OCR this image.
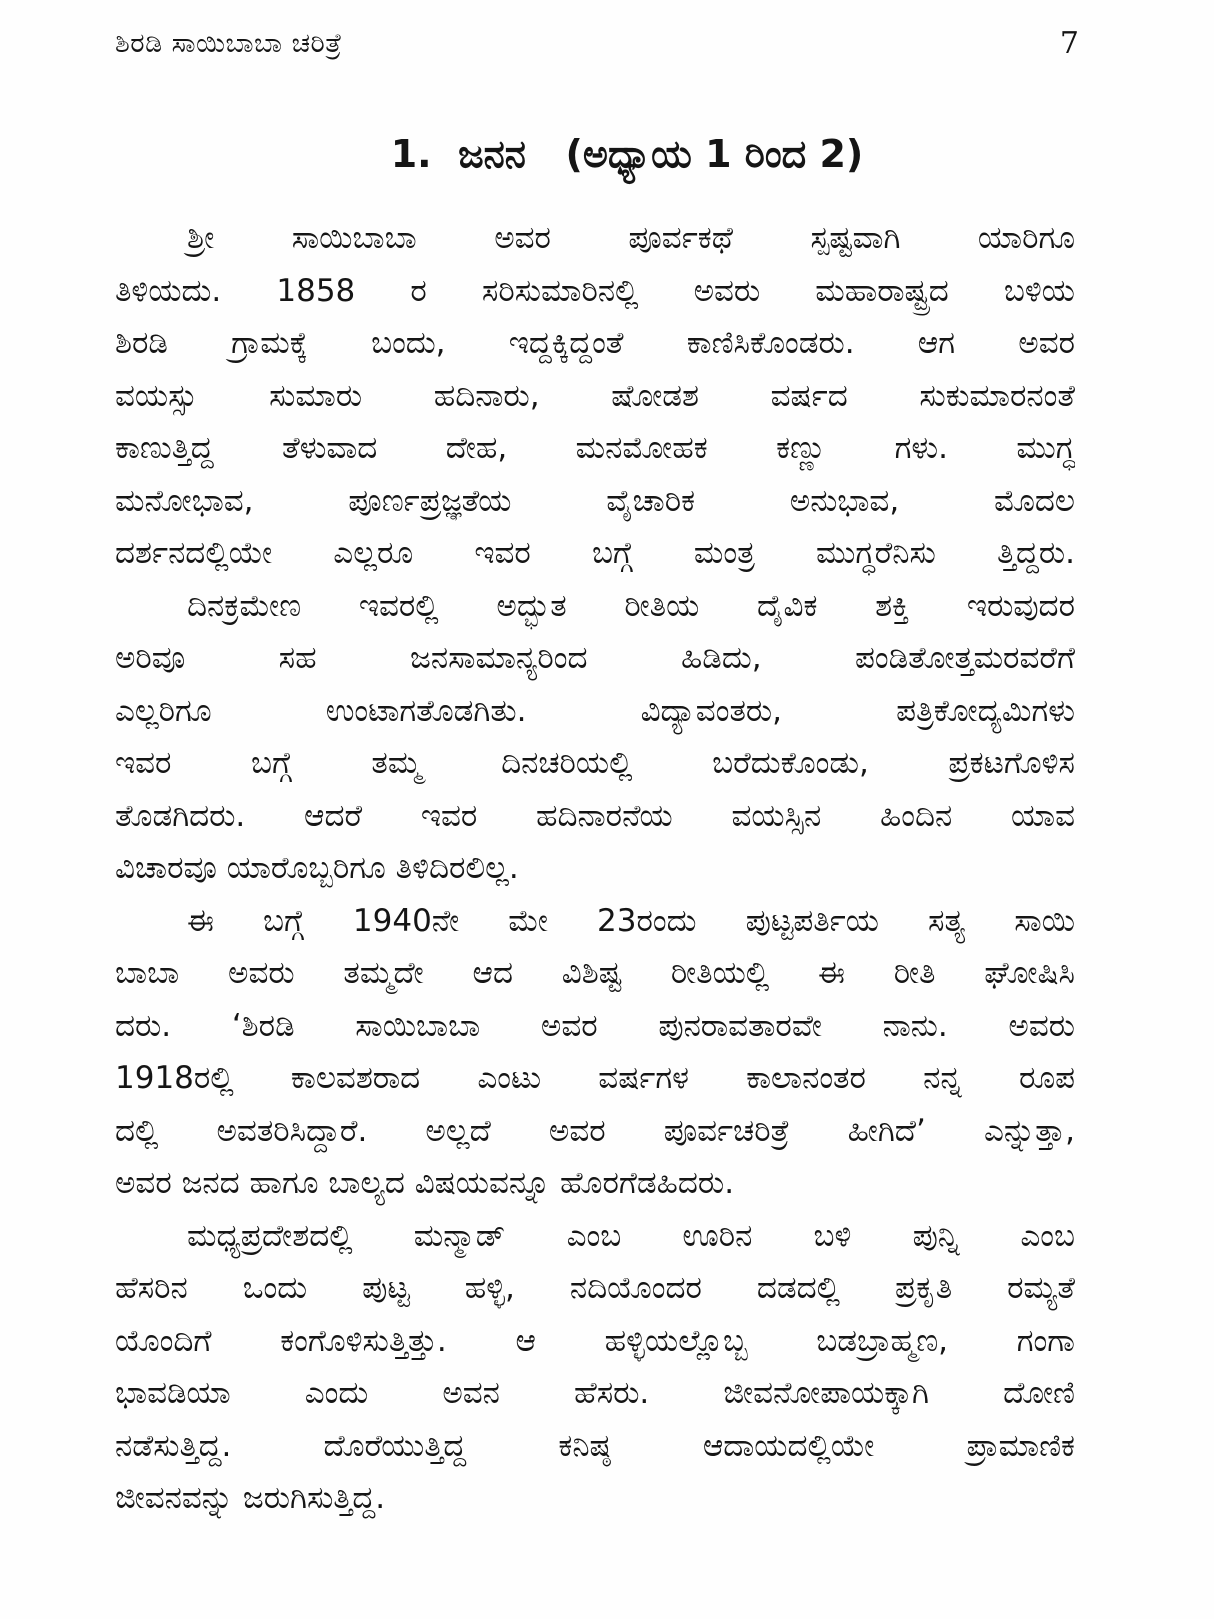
ಶಿರಡಿ ಸಾಯಿಬಾಬಾ ಚರಿತ್ರೆ	7
1.  ಜನನ   (ಅಧ್ಯಾಯ 1 ರಿಂದ 2)
ಶ್ರೀ ಸಾಯಿಬಾಬಾ ಅವರ ಪೂರ್ವಕಥೆ ಸ್ಪಷ್ಟವಾಗಿ ಯಾರಿಗೂ
ತಿಳಿಯದು. 1858 ರ ಸರಿಸುಮಾರಿನಲ್ಲಿ ಅವರು ಮಹಾರಾಷ್ಟ್ರದ ಬಳಿಯ
ಶಿರಡಿ ಗ್ರಾಮಕ್ಕೆ ಬಂದು, ಇದ್ದಕ್ಕಿದ್ದಂತೆ ಕಾಣಿಸಿಕೊಂಡರು. ಆಗ ಅವರ
ವಯಸ್ಸು ಸುಮಾರು ಹದಿನಾರು, ಷೋಡಶ ವರ್ಷದ ಸುಕುಮಾರನಂತೆ
ಕಾಣುತ್ತಿದ್ದ ತೆಳುವಾದ ದೇಹ, ಮನಮೋಹಕ ಕಣ್ಣು ಗಳು. ಮುಗ್ಧ
ಮನೋಭಾವ, ಪೂರ್ಣಪ್ರಜ್ಞತೆಯ ವೈಚಾರಿಕ ಅನುಭಾವ, ಮೊದಲ
ದರ್ಶನದಲ್ಲಿಯೇ ಎಲ್ಲರೂ ಇವರ ಬಗ್ಗೆ ಮಂತ್ರ ಮುಗ್ಧರೆನಿಸು ತ್ತಿದ್ದರು.
ದಿನಕ್ರಮೇಣ ಇವರಲ್ಲಿ ಅದ್ಭುತ ರೀತಿಯ ದೈವಿಕ ಶಕ್ತಿ ಇರುವುದರ
ಅರಿವೂ ಸಹ ಜನಸಾಮಾನ್ಯರಿಂದ ಹಿಡಿದು, ಪಂಡಿತೋತ್ತಮರವರೆಗೆ
ಎಲ್ಲರಿಗೂ ಉಂಟಾಗತೊಡಗಿತು. ವಿದ್ಯಾವಂತರು, ಪತ್ರಿಕೋದ್ಯಮಿಗಳು
ಇವರ ಬಗ್ಗೆ ತಮ್ಮ ದಿನಚರಿಯಲ್ಲಿ ಬರೆದುಕೊಂಡು, ಪ್ರಕಟಗೊಳಿಸ
ತೊಡಗಿದರು. ಆದರೆ ಇವರ ಹದಿನಾರನೆಯ ವಯಸ್ಸಿನ ಹಿಂದಿನ ಯಾವ
ವಿಚಾರವೂ ಯಾರೊಬ್ಬರಿಗೂ ತಿಳಿದಿರಲಿಲ್ಲ.
ಈ ಬಗ್ಗೆ 1940ನೇ ಮೇ 23ರಂದು ಪುಟ್ಟಪರ್ತಿಯ ಸತ್ಯ ಸಾಯಿ
ಬಾಬಾ ಅವರು ತಮ್ಮದೇ ಆದ ವಿಶಿಷ್ಟ ರೀತಿಯಲ್ಲಿ ಈ ರೀತಿ ಘೋಷಿಸಿ
ದರು. ‘ಶಿರಡಿ ಸಾಯಿಬಾಬಾ ಅವರ ಪುನರಾವತಾರವೇ ನಾನು. ಅವರು
1918ರಲ್ಲಿ ಕಾಲವಶರಾದ ಎಂಟು ವರ್ಷಗಳ ಕಾಲಾನಂತರ ನನ್ನ ರೂಪ
ದಲ್ಲಿ ಅವತರಿಸಿದ್ದಾರೆ. ಅಲ್ಲದೆ ಅವರ ಪೂರ್ವಚರಿತ್ರೆ ಹೀಗಿದೆ’ ಎನ್ನುತ್ತಾ,
ಅವರ ಜನದ ಹಾಗೂ ಬಾಲ್ಯದ ವಿಷಯವನ್ನೂ ಹೊರಗೆಡಹಿದರು.
ಮಧ್ಯಪ್ರದೇಶದಲ್ಲಿ ಮನ್ಮಾಡ್ ಎಂಬ ಊರಿನ ಬಳಿ ಪುನ್ನಿ ಎಂಬ
ಹೆಸರಿನ ಒಂದು ಪುಟ್ಟ ಹಳ್ಳಿ, ನದಿಯೊಂದರ ದಡದಲ್ಲಿ ಪ್ರಕೃತಿ ರಮ್ಯತೆ
ಯೊಂದಿಗೆ ಕಂಗೊಳಿಸುತ್ತಿತ್ತು. ಆ ಹಳ್ಳಿಯಲ್ಲೊಬ್ಬ ಬಡಬ್ರಾಹ್ಮಣ, ಗಂಗಾ
ಭಾವಡಿಯಾ ಎಂದು ಅವನ ಹೆಸರು. ಜೀವನೋಪಾಯಕ್ಕಾಗಿ ದೋಣಿ
ನಡೆಸುತ್ತಿದ್ದ. ದೊರೆಯುತ್ತಿದ್ದ ಕನಿಷ್ಠ ಆದಾಯದಲ್ಲಿಯೇ ಪ್ರಾಮಾಣಿಕ
ಜೀವನವನ್ನು ಜರುಗಿಸುತ್ತಿದ್ದ.
